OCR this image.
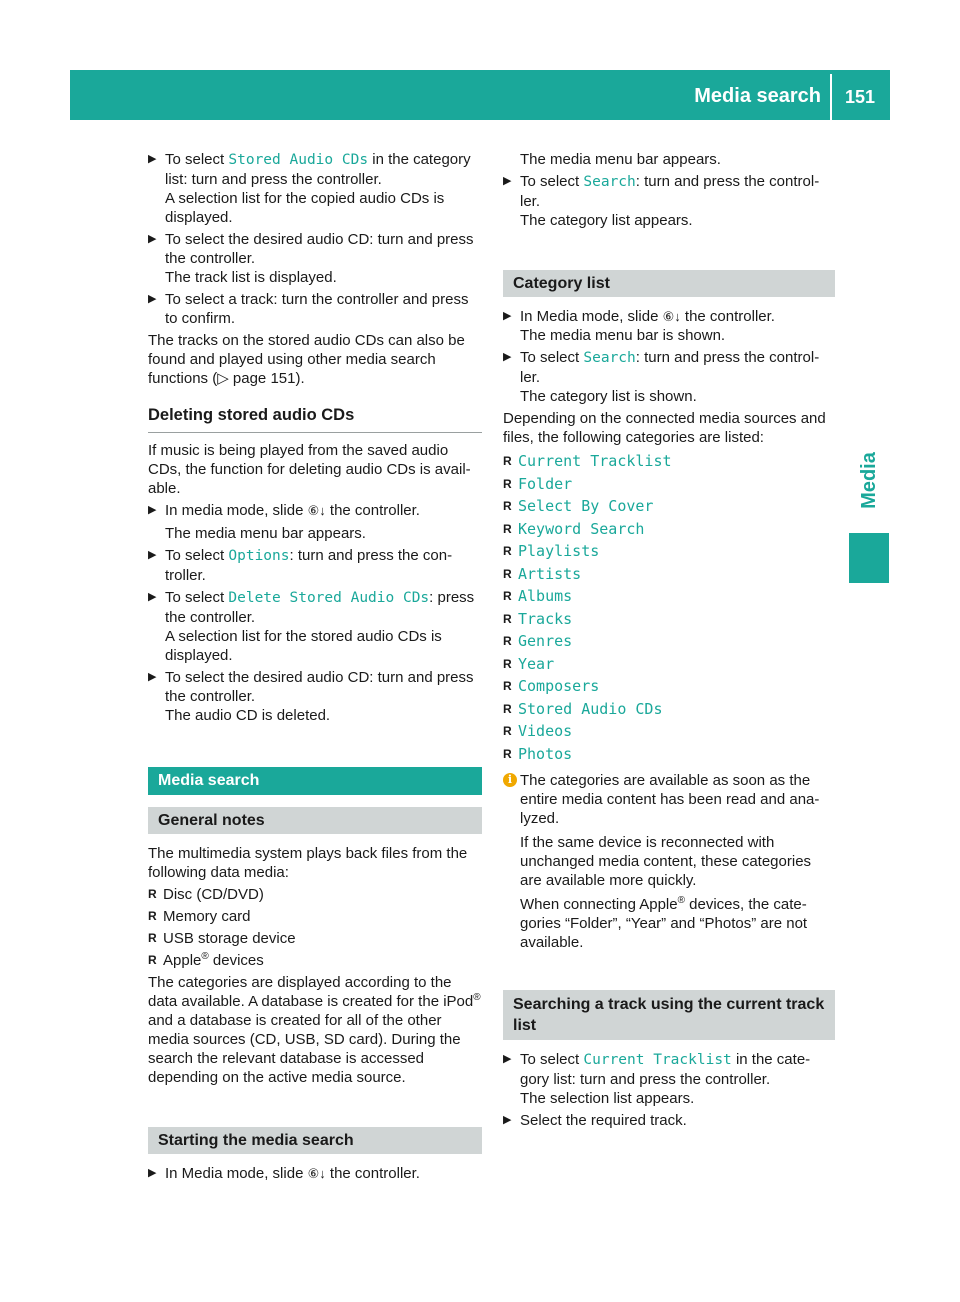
Media search	151
Media
▶ To select Stored Audio CDs in the category list: turn and press the controller.
A selection list for the copied audio CDs is displayed.
▶ To select the desired audio CD: turn and press the controller.
The track list is displayed.
▶ To select a track: turn the controller and press to confirm.

The tracks on the stored audio CDs can also be found and played using other media search functions (▷ page 151).

Deleting stored audio CDs

If music is being played from the saved audio CDs, the function for deleting audio CDs is avail-able.

▶ In media mode, slide ⑥↓ the controller.
The media menu bar appears.
▶ To select Options: turn and press the con-troller.
▶ To select Delete Stored Audio CDs: press the controller.
A selection list for the stored audio CDs is displayed.
▶ To select the desired audio CD: turn and press the controller.
The audio CD is deleted.
Media search
General notes

The multimedia system plays back files from the following data media:

R Disc (CD/DVD)
R Memory card
R USB storage device
R Apple® devices

The categories are displayed according to the data available. A database is created for the iPod® and a database is created for all of the other media sources (CD, USB, SD card). During the search the relevant database is accessed depending on the active media source.

Starting the media search
▶ In Media mode, slide ⑥↓ the controller.

The media menu bar appears.

▶ To select Search: turn and press the control-ler.
The category list appears.
Category list
▶ In Media mode, slide ⑥↓ the controller.
The media menu bar is shown.
▶ To select Search: turn and press the control-ler.
The category list is shown.

Depending on the connected media sources and files, the following categories are listed:

R Current Tracklist
R Folder
R Select By Cover
R Keyword Search
R Playlists
R Artists
R Albums
R Tracks
R Genres
R Year
R Composers
R Stored Audio CDs
R Videos
R Photos
i The categories are available as soon as the entire media content has been read and ana-lyzed.

If the same device is reconnected with unchanged media content, these categories are available more quickly.

When connecting Apple® devices, the cate-gories “Folder”, “Year” and “Photos” are not available.

Searching a track using the current track list
▶ To select Current Tracklist in the cate-gory list: turn and press the controller.
The selection list appears.
▶ Select the required track.
